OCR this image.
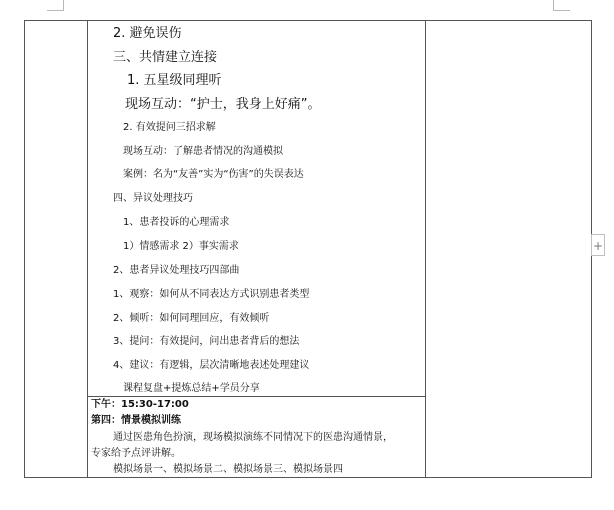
2. 避免误伤
三、共情建立连接
1. 五星级同理听
现场互动：“护士，我身上好痛”。
2. 有效提问三招求解
现场互动：了解患者情况的沟通模拟
案例：名为“友善”实为“伤害”的失误表达
四、异议处理技巧
1、患者投诉的心理需求
1）情感需求 2）事实需求
2、患者异议处理技巧四部曲
1、观察：如何从不同表达方式识别患者类型
2、倾听：如何同理回应，有效倾听
3、提问：有效提问，问出患者背后的想法
4、建议：有逻辑，层次清晰地表述处理建议
课程复盘+提炼总结+学员分享
下午：15:30-17:00
第四：情景模拟训练
通过医患角色扮演，现场模拟演练不同情况下的医患沟通情景，
专家给予点评讲解。
模拟场景一、模拟场景二、模拟场景三、模拟场景四
+
